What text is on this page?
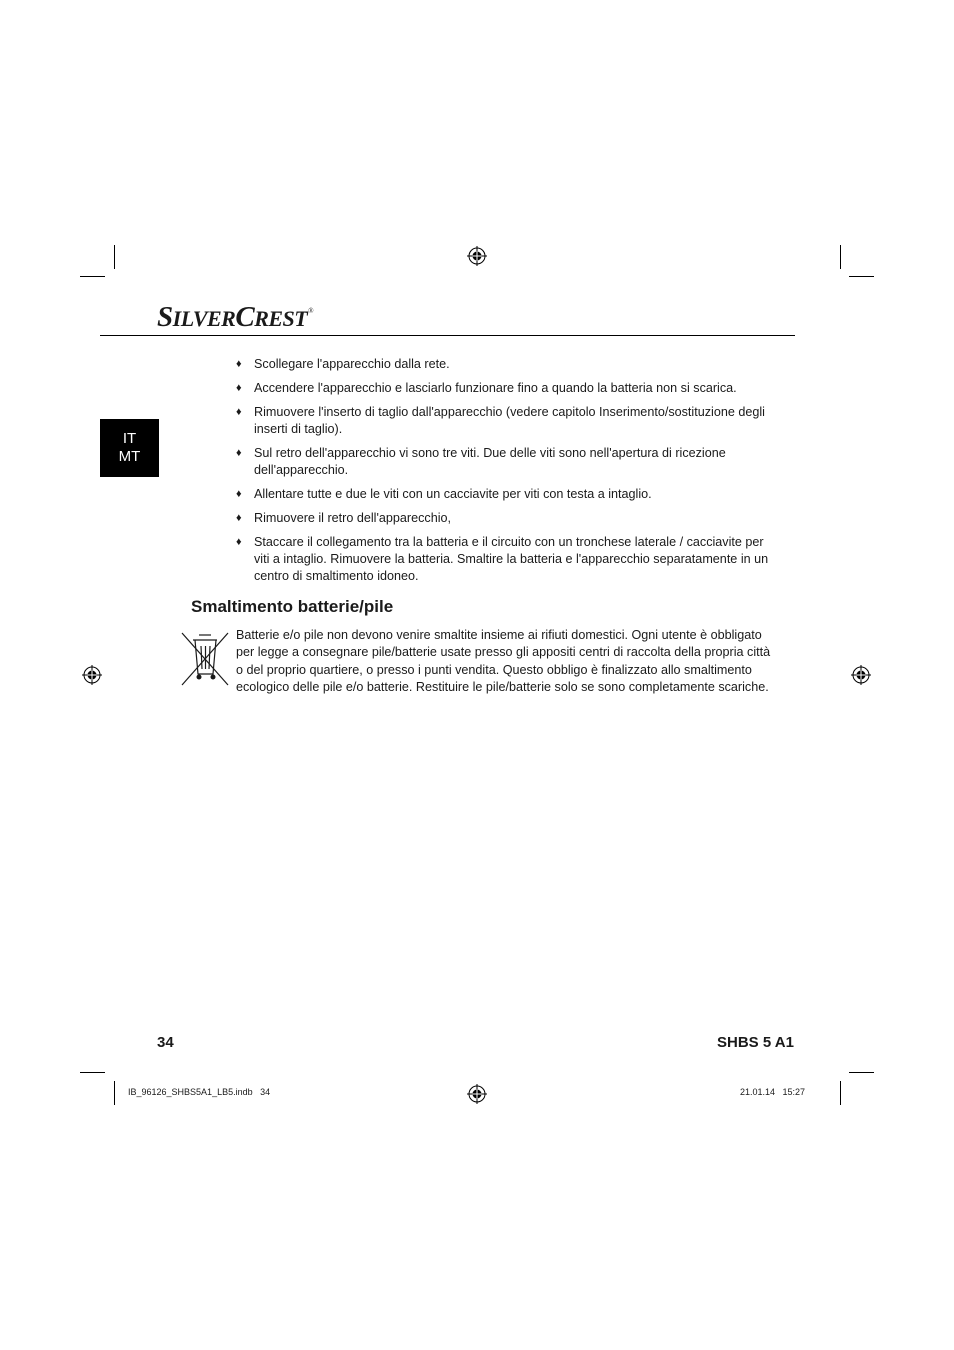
SILVERCREST®
IT
MT
♦ Scollegare l'apparecchio dalla rete.
♦ Accendere l'apparecchio e lasciarlo funzionare fino a quando la batteria non si scarica.
♦ Rimuovere l'inserto di taglio dall'apparecchio (vedere capitolo Inserimento/sostituzione degli inserti di taglio).
♦ Sul retro dell'apparecchio vi sono tre viti. Due delle viti sono nell'apertura di ricezione dell'apparecchio.
♦ Allentare tutte e due le viti con un cacciavite per viti con testa a intaglio.
♦ Rimuovere il retro dell'apparecchio,
♦ Staccare il collegamento tra la batteria e il circuito con un tronchese laterale / cacciavite per viti a intaglio. Rimuovere la batteria. Smaltire la batteria e l'apparecchio separatamente in un centro di smaltimento idoneo.
Smaltimento batterie/pile

Batterie e/o pile non devono venire smaltite insieme ai rifiuti domestici. Ogni utente è obbligato per legge a consegnare pile/batterie usate presso gli appositi centri di raccolta della propria città o del proprio quartiere, o presso i punti vendita. Questo obbligo è finalizzato allo smaltimento ecologico delle pile e/o batterie. Restituire le pile/batterie solo se sono completamente scariche.

34	SHBS 5 A1
IB_96126_SHBS5A1_LB5.indb   34	21.01.14   15:27
